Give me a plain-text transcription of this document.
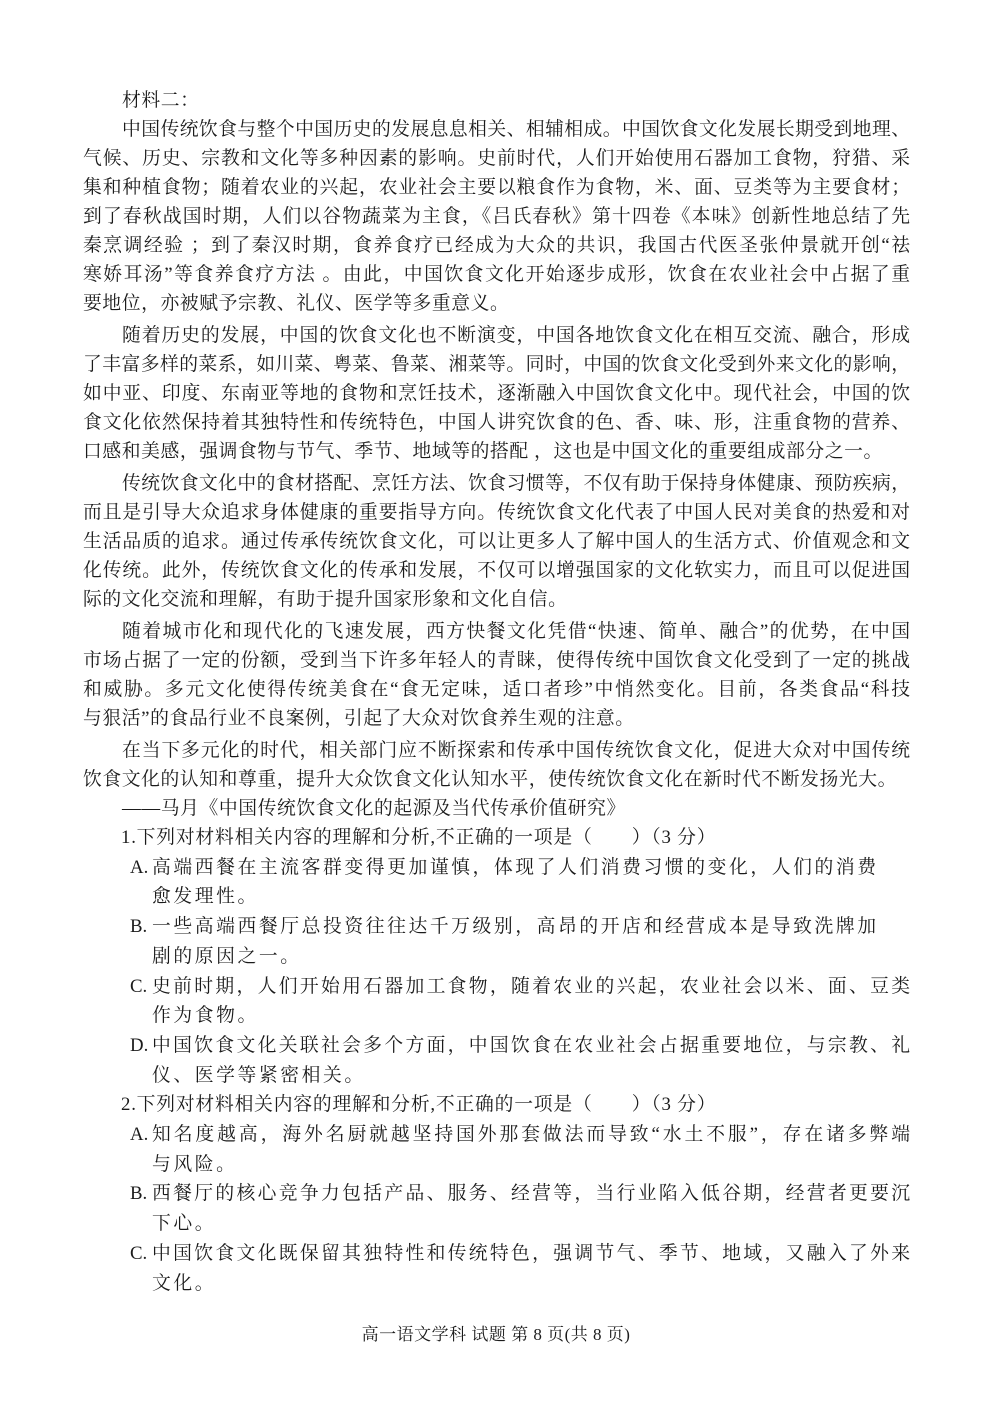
材料二：
中国传统饮食与整个中国历史的发展息息相关、相辅相成。中国饮食文化发展长期受到地理、
气候、历史、宗教和文化等多种因素的影响。史前时代，人们开始使用石器加工食物，狩猎、采
集和种植食物；随着农业的兴起，农业社会主要以粮食作为食物，米、面、豆类等为主要食材；
到了春秋战国时期，人们以谷物蔬菜为主食，《吕氏春秋》第十四卷《本味》创新性地总结了先
秦烹调经验 ；到了秦汉时期，食养食疗已经成为大众的共识，我国古代医圣张仲景就开创“祛
寒娇耳汤”等食养食疗方法 。由此，中国饮食文化开始逐步成形，饮食在农业社会中占据了重
要地位，亦被赋予宗教、礼仪、医学等多重意义。
随着历史的发展，中国的饮食文化也不断演变，中国各地饮食文化在相互交流、融合，形成
了丰富多样的菜系，如川菜、粤菜、鲁菜、湘菜等。同时，中国的饮食文化受到外来文化的影响，
如中亚、印度、东南亚等地的食物和烹饪技术，逐渐融入中国饮食文化中。现代社会，中国的饮
食文化依然保持着其独特性和传统特色，中国人讲究饮食的色、香、味、形，注重食物的营养、
口感和美感，强调食物与节气、季节、地域等的搭配 ，这也是中国文化的重要组成部分之一。
传统饮食文化中的食材搭配、烹饪方法、饮食习惯等，不仅有助于保持身体健康、预防疾病，
而且是引导大众追求身体健康的重要指导方向。传统饮食文化代表了中国人民对美食的热爱和对
生活品质的追求。通过传承传统饮食文化，可以让更多人了解中国人的生活方式、价值观念和文
化传统。此外，传统饮食文化的传承和发展，不仅可以增强国家的文化软实力，而且可以促进国
际的文化交流和理解，有助于提升国家形象和文化自信。
随着城市化和现代化的飞速发展，西方快餐文化凭借“快速、简单、融合”的优势，在中国
市场占据了一定的份额，受到当下许多年轻人的青睐，使得传统中国饮食文化受到了一定的挑战
和威胁。多元文化使得传统美食在“食无定味，适口者珍”中悄然变化。目前，各类食品“科技
与狠活”的食品行业不良案例，引起了大众对饮食养生观的注意。
在当下多元化的时代，相关部门应不断探索和传承中国传统饮食文化，促进大众对中国传统
饮食文化的认知和尊重，提升大众饮食文化认知水平，使传统饮食文化在新时代不断发扬光大。
——马月《中国传统饮食文化的起源及当代传承价值研究》
1.下列对材料相关内容的理解和分析,不正确的一项是（　　）（3 分）
A. 高端西餐在主流客群变得更加谨慎，体现了人们消费习惯的变化，人们的消费
愈发理性。
B. 一些高端西餐厅总投资往往达千万级别，高昂的开店和经营成本是导致洗牌加
剧的原因之一。
C. 史前时期，人们开始用石器加工食物，随着农业的兴起，农业社会以米、面、豆类
作为食物。
D. 中国饮食文化关联社会多个方面，中国饮食在农业社会占据重要地位，与宗教、礼
仪、医学等紧密相关。
2.下列对材料相关内容的理解和分析,不正确的一项是（　　）（3 分）
A. 知名度越高，海外名厨就越坚持国外那套做法而导致“水土不服”，存在诸多弊端
与风险。
B. 西餐厅的核心竞争力包括产品、服务、经营等，当行业陷入低谷期，经营者更要沉
下心。
C. 中国饮食文化既保留其独特性和传统特色，强调节气、季节、地域，又融入了外来
文化。
高一语文学科 试题 第 8 页(共 8 页)
